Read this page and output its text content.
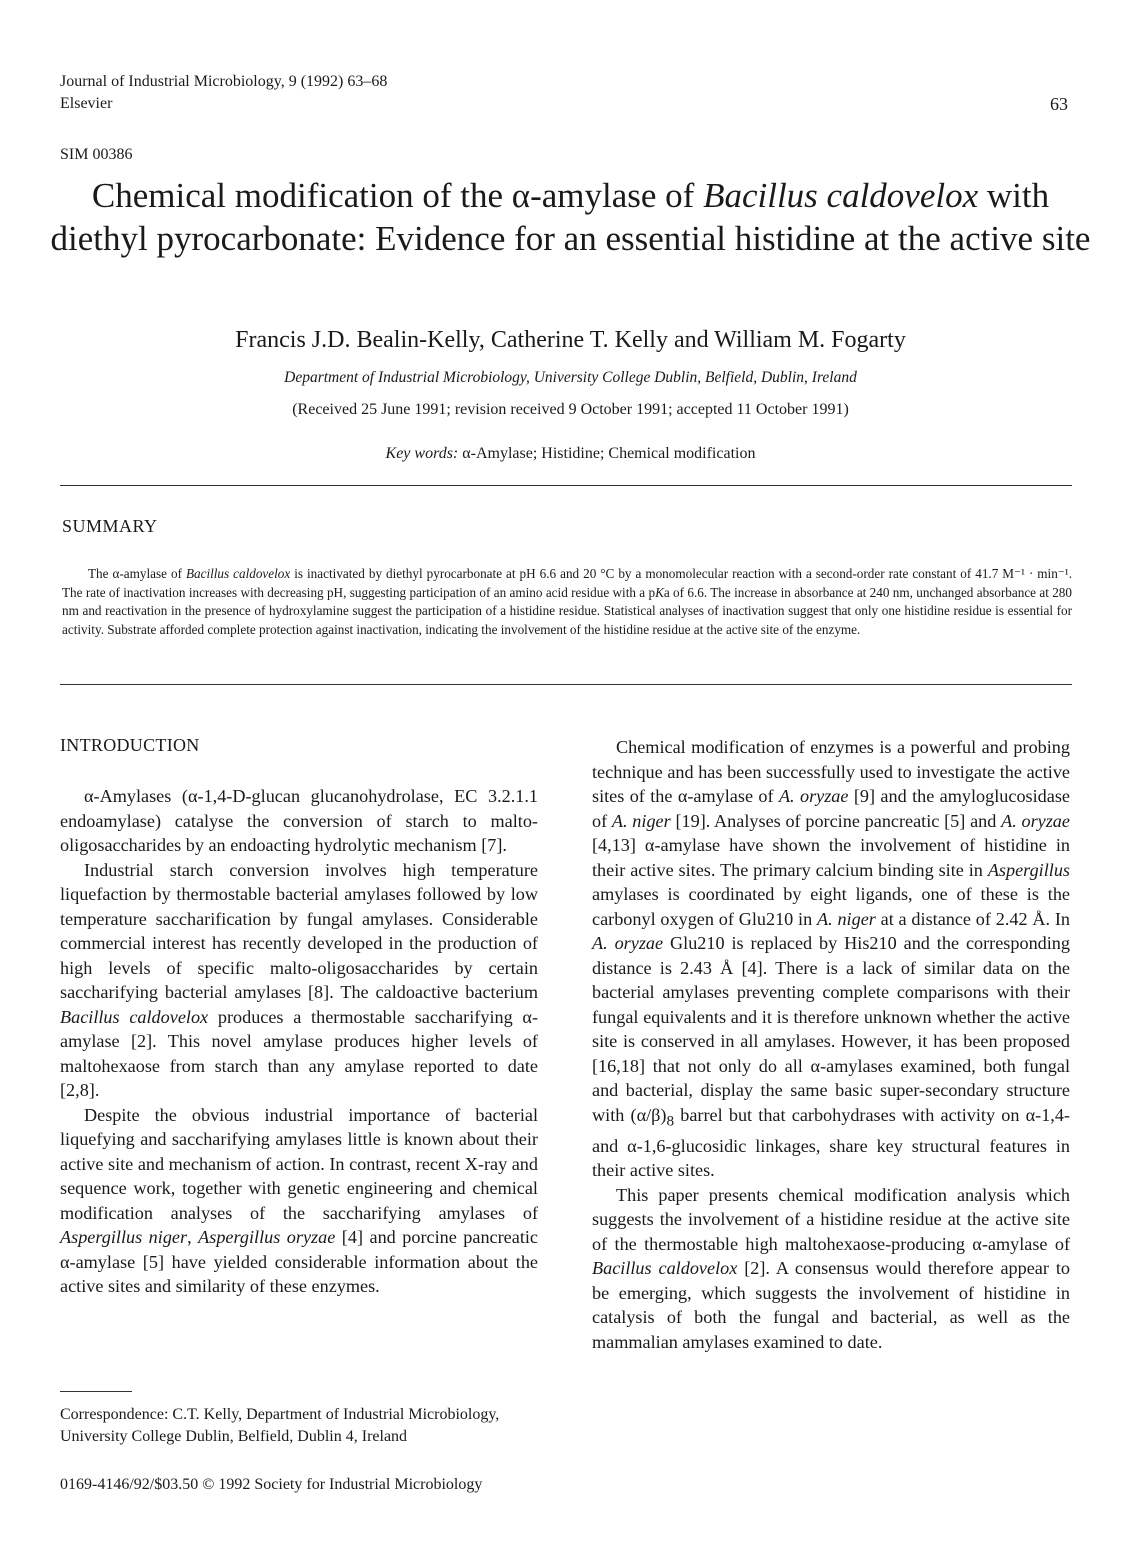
Journal of Industrial Microbiology, 9 (1992) 63–68
Elsevier	63
SIM 00386
Chemical modification of the α-amylase of Bacillus caldovelox with diethyl pyrocarbonate: Evidence for an essential histidine at the active site
Francis J.D. Bealin-Kelly, Catherine T. Kelly and William M. Fogarty
Department of Industrial Microbiology, University College Dublin, Belfield, Dublin, Ireland
(Received 25 June 1991; revision received 9 October 1991; accepted 11 October 1991)
Key words: α-Amylase; Histidine; Chemical modification
SUMMARY

The α-amylase of Bacillus caldovelox is inactivated by diethyl pyrocarbonate at pH 6.6 and 20 °C by a monomolecular reaction with a second-order rate constant of 41.7 M⁻¹ · min⁻¹. The rate of inactivation increases with decreasing pH, suggesting participation of an amino acid residue with a pKa of 6.6. The increase in absorbance at 240 nm, unchanged absorbance at 280 nm and reactivation in the presence of hydroxylamine suggest the participation of a histidine residue. Statistical analyses of inactivation suggest that only one histidine residue is essential for activity. Substrate afforded complete protection against inactivation, indicating the involvement of the histidine residue at the active site of the enzyme.

INTRODUCTION

α-Amylases (α-1,4-D-glucan glucanohydrolase, EC 3.2.1.1 endoamylase) catalyse the conversion of starch to malto-oligosaccharides by an endoacting hydrolytic mechanism [7].

Industrial starch conversion involves high temperature liquefaction by thermostable bacterial amylases followed by low temperature saccharification by fungal amylases. Considerable commercial interest has recently developed in the production of high levels of specific malto-oligosaccharides by certain saccharifying bacterial amylases [8]. The caldoactive bacterium Bacillus caldovelox produces a thermostable saccharifying α-amylase [2]. This novel amylase produces higher levels of maltohexaose from starch than any amylase reported to date [2,8].

Despite the obvious industrial importance of bacterial liquefying and saccharifying amylases little is known about their active site and mechanism of action. In contrast, recent X-ray and sequence work, together with genetic engineering and chemical modification analyses of the saccharifying amylases of Aspergillus niger, Aspergillus oryzae [4] and porcine pancreatic α-amylase [5] have yielded considerable information about the active sites and similarity of these enzymes.

Chemical modification of enzymes is a powerful and probing technique and has been successfully used to investigate the active sites of the α-amylase of A. oryzae [9] and the amyloglucosidase of A. niger [19]. Analyses of porcine pancreatic [5] and A. oryzae [4,13] α-amylase have shown the involvement of histidine in their active sites. The primary calcium binding site in Aspergillus amylases is coordinated by eight ligands, one of these is the carbonyl oxygen of Glu210 in A. niger at a distance of 2.42 Å. In A. oryzae Glu210 is replaced by His210 and the corresponding distance is 2.43 Å [4]. There is a lack of similar data on the bacterial amylases preventing complete comparisons with their fungal equivalents and it is therefore unknown whether the active site is conserved in all amylases. However, it has been proposed [16,18] that not only do all α-amylases examined, both fungal and bacterial, display the same basic super-secondary structure with $(\alpha/\beta)_8$ barrel but that carbohydrases with activity on α-1,4- and α-1,6-glucosidic linkages, share key structural features in their active sites.

This paper presents chemical modification analysis which suggests the involvement of a histidine residue at the active site of the thermostable high maltohexaose-producing α-amylase of Bacillus caldovelox [2]. A consensus would therefore appear to be emerging, which suggests the involvement of histidine in catalysis of both the fungal and bacterial, as well as the mammalian amylases examined to date.

Correspondence: C.T. Kelly, Department of Industrial Microbiology, University College Dublin, Belfield, Dublin 4, Ireland
0169-4146/92/$03.50 © 1992 Society for Industrial Microbiology
